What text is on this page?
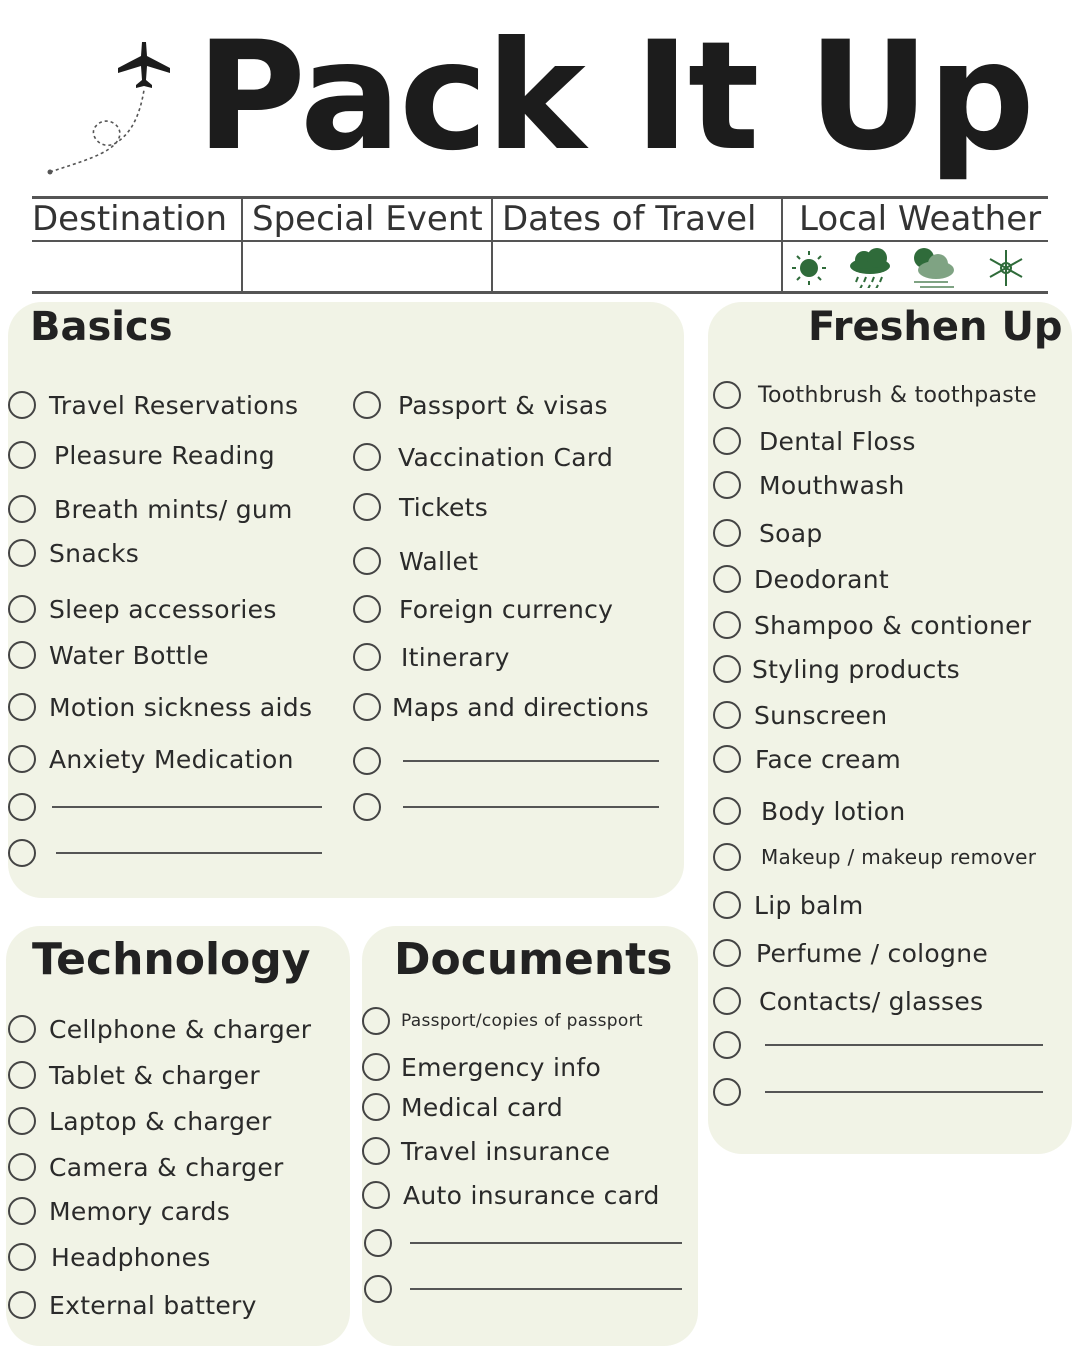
Pack It Up
Destination Special Event Dates of Travel Local Weather
Basics
Travel Reservations
Pleasure Reading
Breath mints/ gum
Snacks
Sleep accessories
Water Bottle
Motion sickness aids
Anxiety Medication
Passport & visas
Vaccination Card
Tickets
Wallet
Foreign currency
Itinerary
Maps and directions
Freshen Up
Toothbrush & toothpaste
Dental Floss
Mouthwash
Soap
Deodorant
Shampoo & contioner
Styling products
Sunscreen
Face cream
Body lotion
Makeup / makeup remover
Lip balm
Perfume / cologne
Contacts/ glasses
Technology
Cellphone & charger
Tablet & charger
Laptop & charger
Camera & charger
Memory cards
Headphones
External battery
Documents
Passport/copies of passport
Emergency info
Medical card
Travel insurance
Auto insurance card
